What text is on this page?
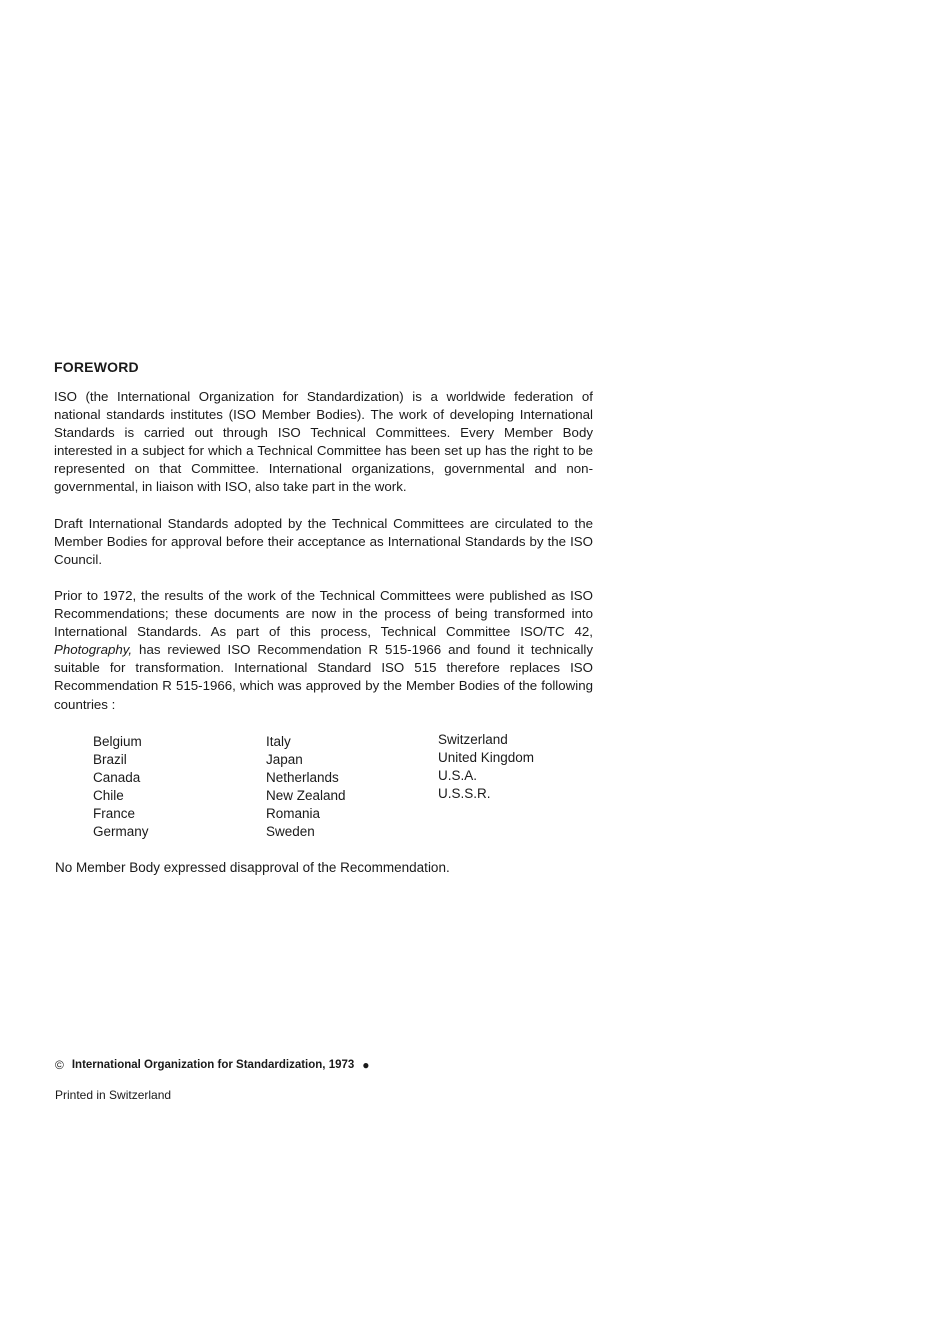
FOREWORD

ISO (the International Organization for Standardization) is a worldwide federation of national standards institutes (ISO Member Bodies). The work of developing International Standards is carried out through ISO Technical Committees. Every Member Body interested in a subject for which a Technical Committee has been set up has the right to be represented on that Committee. International organizations, governmental and non-governmental, in liaison with ISO, also take part in the work.

Draft International Standards adopted by the Technical Committees are circulated to the Member Bodies for approval before their acceptance as International Standards by the ISO Council.

Prior to 1972, the results of the work of the Technical Committees were published as ISO Recommendations; these documents are now in the process of being transformed into International Standards. As part of this process, Technical Committee ISO/TC 42, Photography, has reviewed ISO Recommendation R 515-1966 and found it technically suitable for transformation. International Standard ISO 515 therefore replaces ISO Recommendation R 515-1966, which was approved by the Member Bodies of the following countries :

Belgium
Brazil
Canada
Chile
France
Germany
Italy
Japan
Netherlands
New Zealand
Romania
Sweden
Switzerland
United Kingdom
U.S.A.
U.S.S.R.

No Member Body expressed disapproval of the Recommendation.

© International Organization for Standardization, 1973 ●

Printed in Switzerland
